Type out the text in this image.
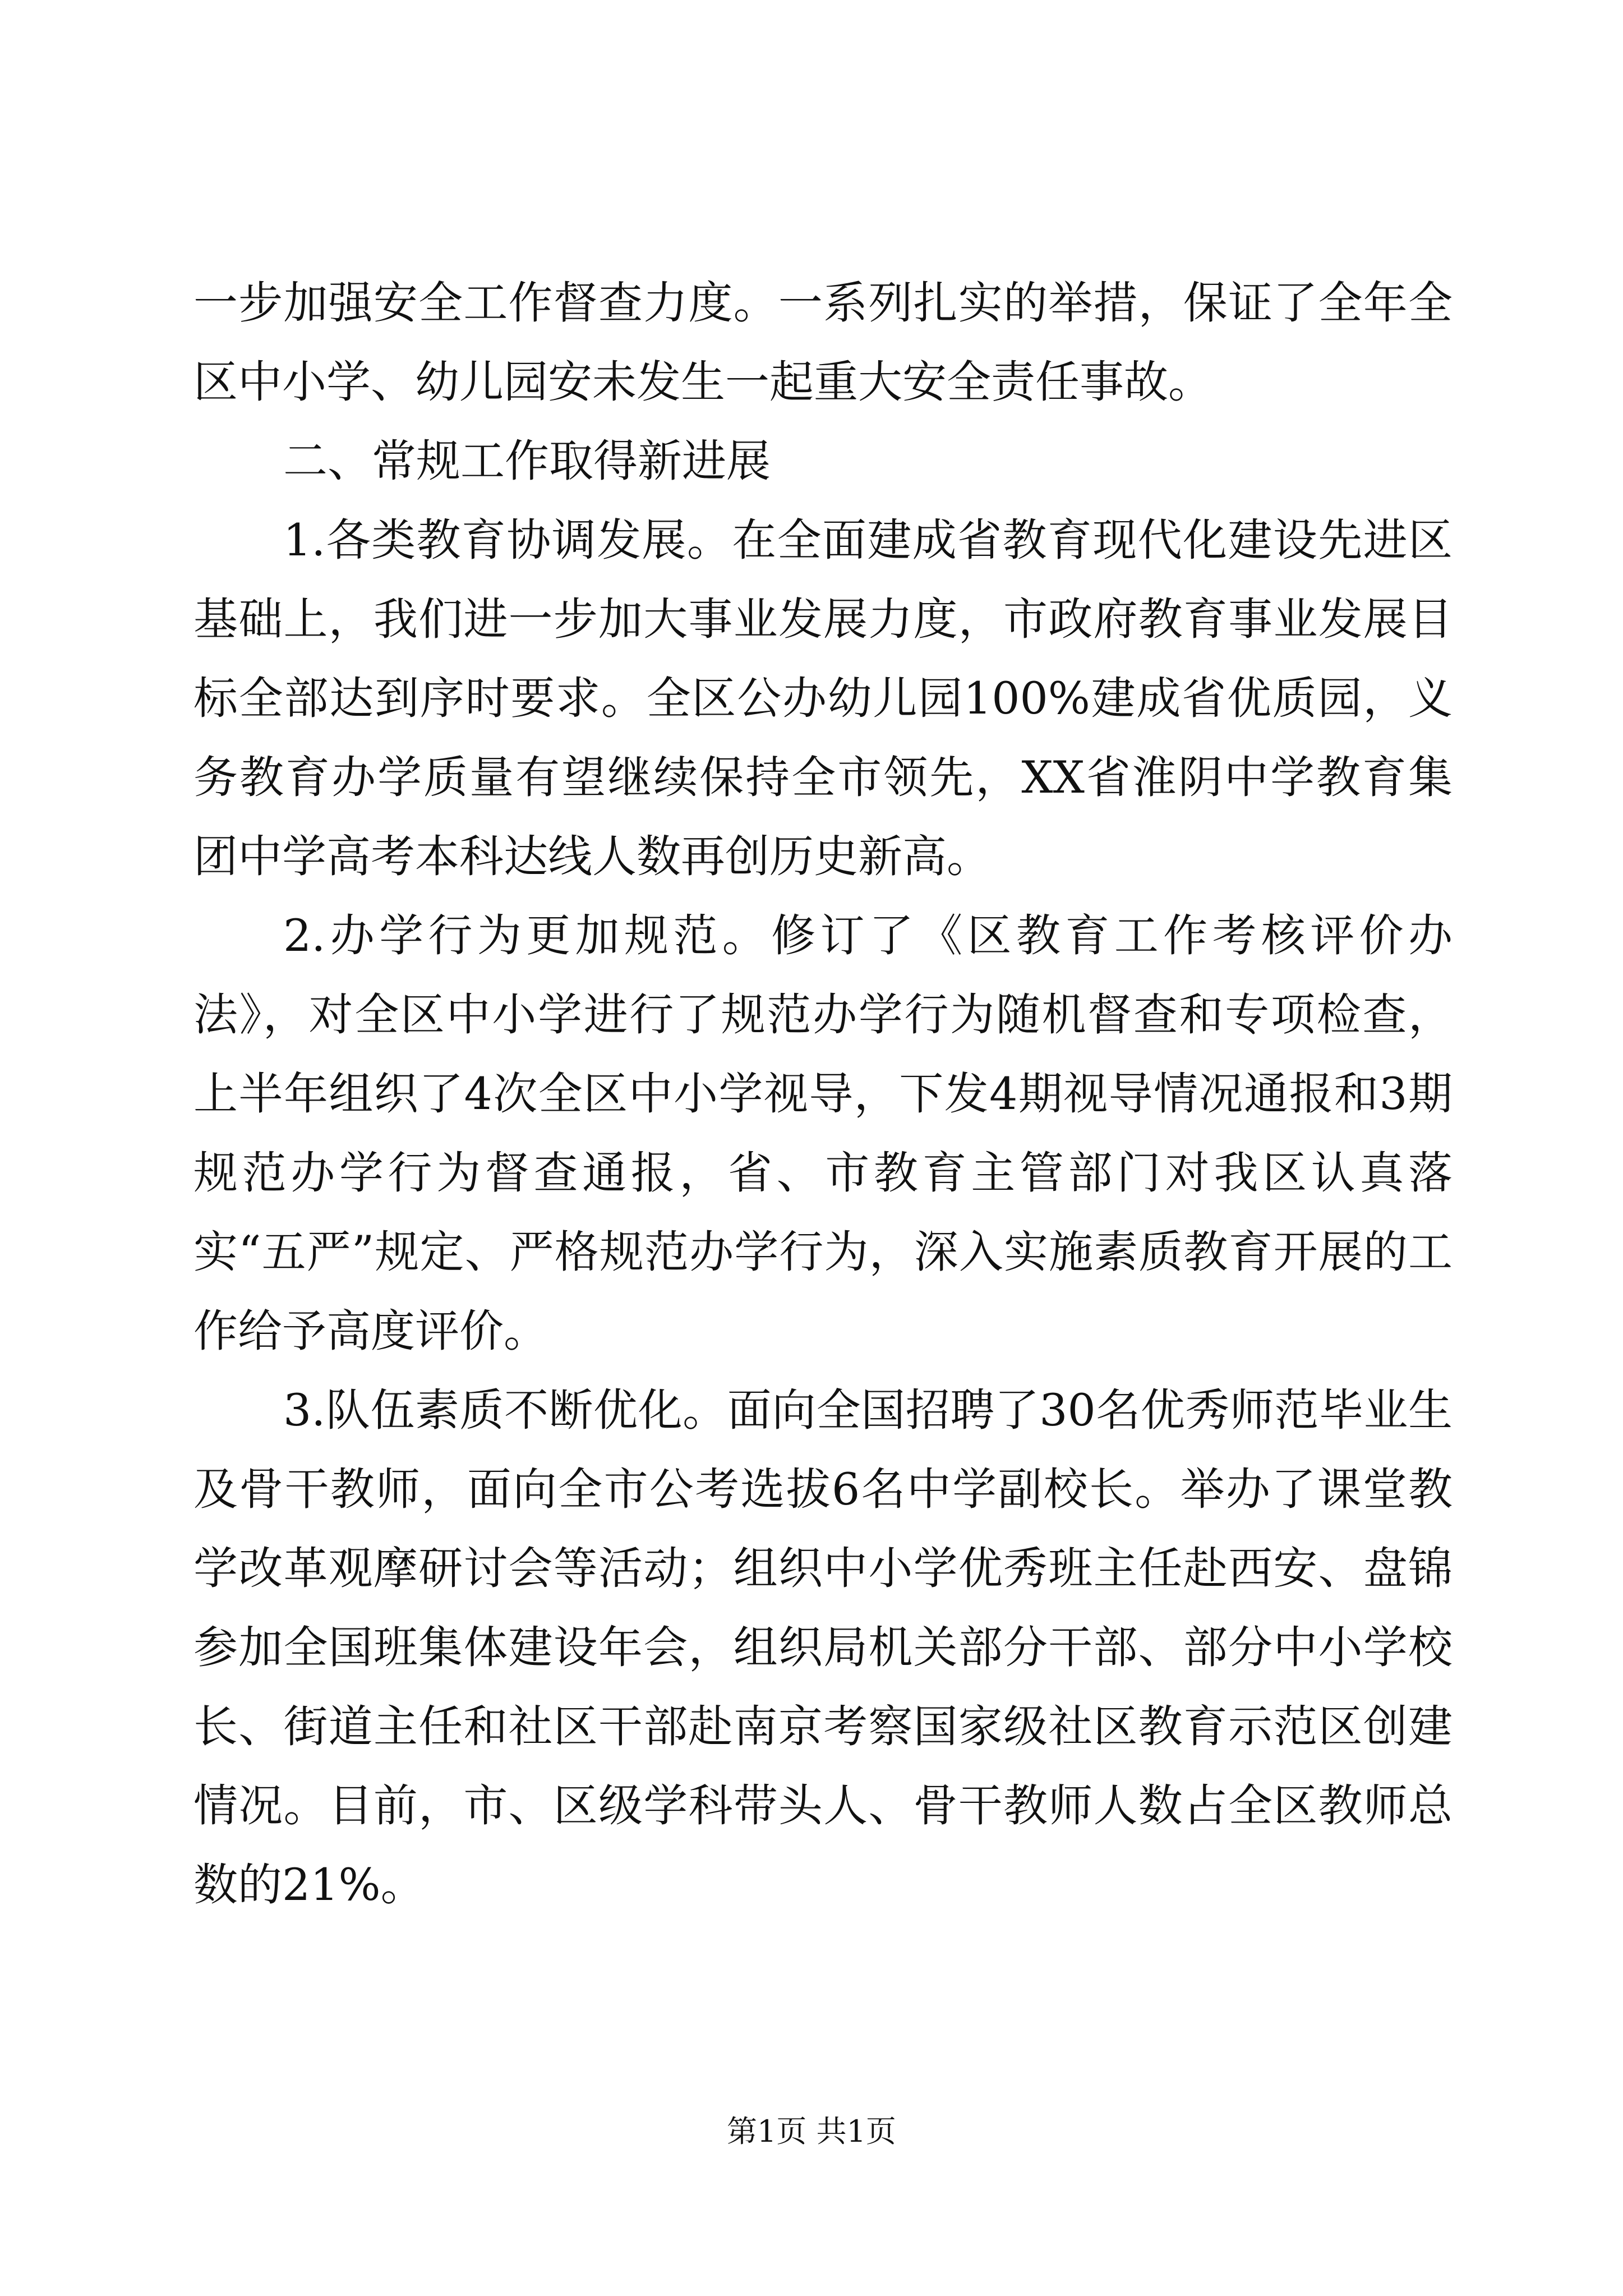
一步加强安全工作督查力度。一系列扎实的举措，保证了全年全区中小学、幼儿园安未发生一起重大安全责任事故。

二、常规工作取得新进展

1.各类教育协调发展。在全面建成省教育现代化建设先进区基础上，我们进一步加大事业发展力度，市政府教育事业发展目标全部达到序时要求。全区公办幼儿园100%建成省优质园，义务教育办学质量有望继续保持全市领先，XX省淮阴中学教育集团中学高考本科达线人数再创历史新高。

2.办学行为更加规范。修订了《区教育工作考核评价办法》，对全区中小学进行了规范办学行为随机督查和专项检查，上半年组织了4次全区中小学视导，下发4期视导情况通报和3期规范办学行为督查通报，省、市教育主管部门对我区认真落实“五严”规定、严格规范办学行为，深入实施素质教育开展的工作给予高度评价。

3.队伍素质不断优化。面向全国招聘了30名优秀师范毕业生及骨干教师，面向全市公考选拔6名中学副校长。举办了课堂教学改革观摩研讨会等活动；组织中小学优秀班主任赴西安、盘锦参加全国班集体建设年会，组织局机关部分干部、部分中小学校长、街道主任和社区干部赴南京考察国家级社区教育示范区创建情况。目前，市、区级学科带头人、骨干教师人数占全区教师总数的21%。

第1页 共1页
